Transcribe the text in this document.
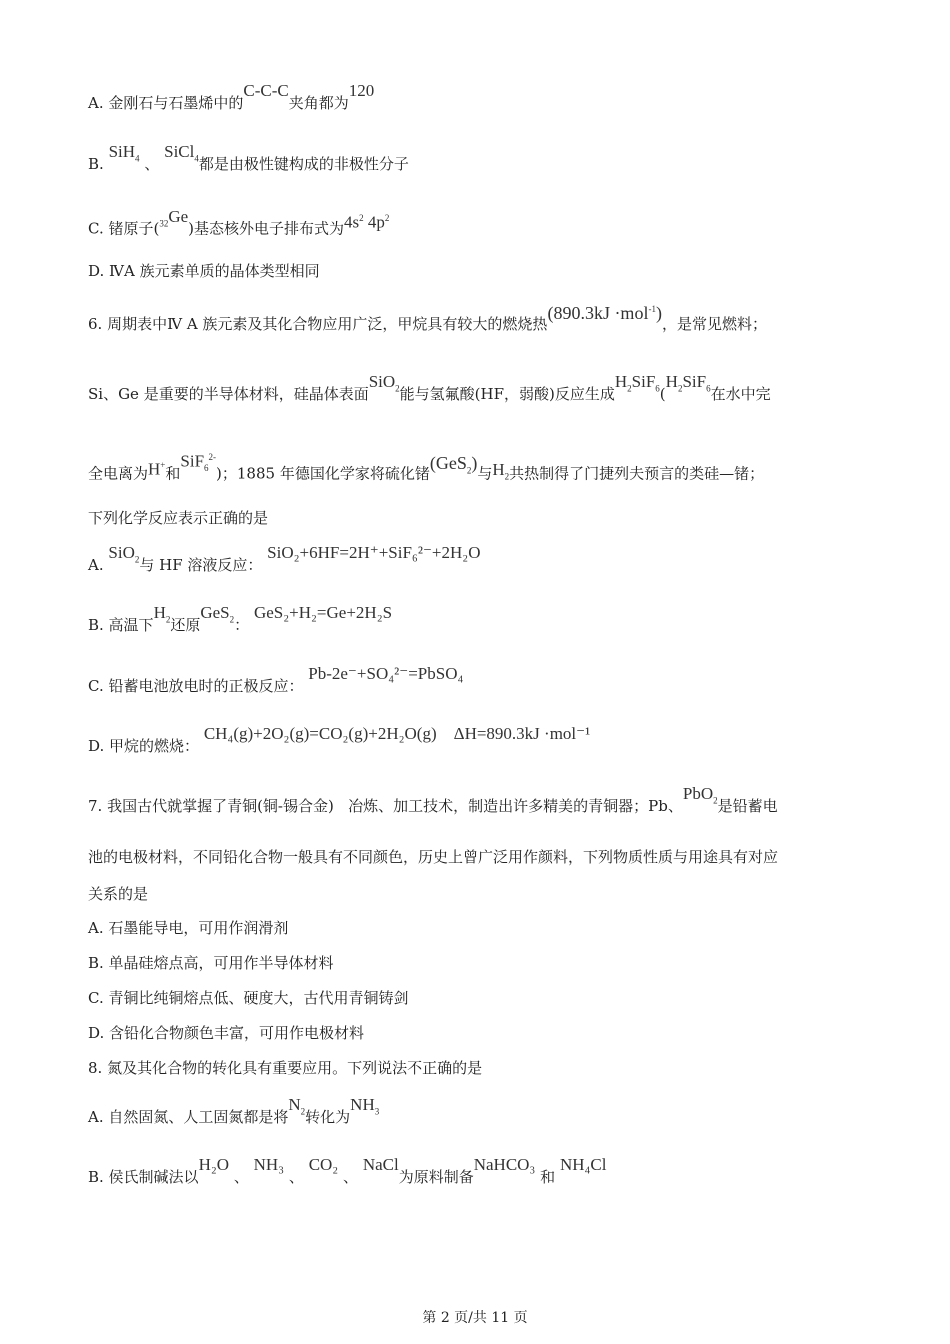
A. 金刚石与石墨烯中的C-C-C夹角都为120
B. SiH$_4$ 、 SiCl$_4$都是由极性键构成的非极性分子
C. 锗原子$(_{32}Ge)$基态核外电子排布式为$4s^2$ $4p^2$
D. ⅣA 族元素单质的晶体类型相同
6. 周期表中Ⅳ A 族元素及其化合物应用广泛，甲烷具有较大的燃烧热(890.3kJ ·mol$^{-1}$)，是常见燃料；
Si、Ge 是重要的半导体材料，硅晶体表面SiO$_2$能与氢氟酸(HF，弱酸)反应生成$H_2SiF_6(H_2SiF_6$在水中完
全电离为H+和SiF$_6^{2-}$)；1885 年德国化学家将硫化锗(GeS$_2$)与$H_2$共热制得了门捷列夫预言的类硅—锗；
下列化学反应表示正确的是
A. SiO$_2$与 HF 溶液反应： SiO₂+6HF=2H⁺+SiF₆²⁻+2H₂O
B. 高温下$H_2$还原GeS$_2$： GeS₂+H₂=Ge+2H₂S
C. 铅蓄电池放电时的正极反应： Pb-2e⁻+SO₄²⁻=PbSO₄
D. 甲烷的燃烧： CH₄(g)+2O₂(g)=CO₂(g)+2H₂O(g)    ΔH=890.3kJ ·mol⁻¹
7. 我国古代就掌握了青铜(铜-锡合金)   冶炼、加工技术，制造出许多精美的青铜器；Pb、PbO$_2$是铅蓄电
池的电极材料，不同铅化合物一般具有不同颜色，历史上曾广泛用作颜料，下列物质性质与用途具有对应
关系的是
A. 石墨能导电，可用作润滑剂
B. 单晶硅熔点高，可用作半导体材料
C. 青铜比纯铜熔点低、硬度大，古代用青铜铸剑
D. 含铅化合物颜色丰富，可用作电极材料
8. 氮及其化合物的转化具有重要应用。下列说法不正确的是
A. 自然固氮、人工固氮都是将$N_2$转化为$NH_3$
B. 侯氏制碱法以H₂O 、 NH₃ 、 CO₂ 、 NaCl为原料制备NaHCO₃ 和 NH₄Cl
第 2 页/共 11 页
